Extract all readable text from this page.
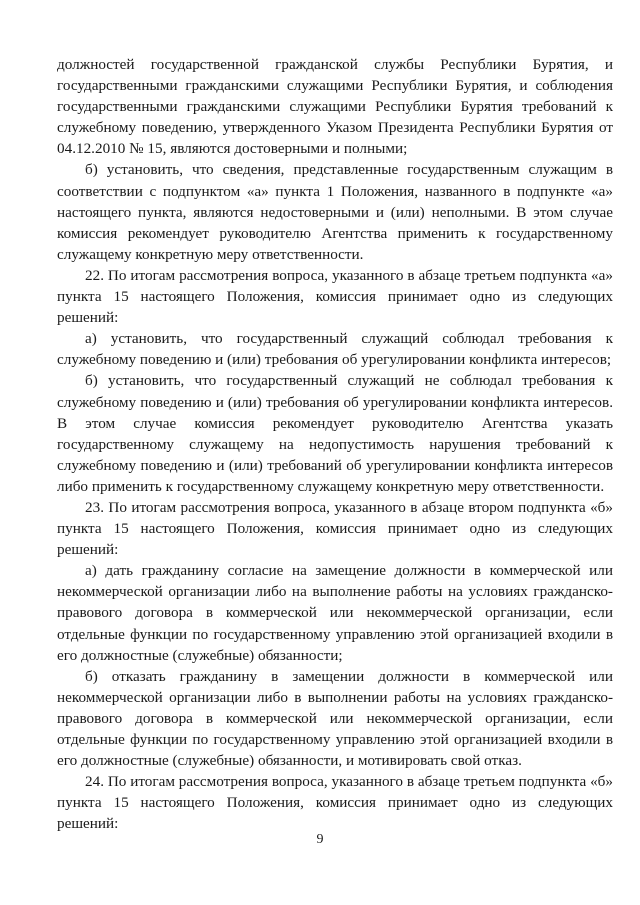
должностей государственной гражданской службы Республики Бурятия, и государственными гражданскими служащими Республики Бурятия, и соблюдения государственными гражданскими служащими Республики Бурятия требований к служебному поведению, утвержденного Указом Президента Республики Бурятия от 04.12.2010 № 15, являются достоверными и полными;

б) установить, что сведения, представленные государственным служащим в соответствии с подпунктом «а» пункта 1 Положения, названного в подпункте «а» настоящего пункта, являются недостоверными и (или) неполными. В этом случае комиссия рекомендует руководителю Агентства применить к государственному служащему конкретную меру ответственности.

22. По итогам рассмотрения вопроса, указанного в абзаце третьем подпункта «а» пункта 15 настоящего Положения, комиссия принимает одно из следующих решений:

а) установить, что государственный служащий соблюдал требования к служебному поведению и (или) требования об урегулировании конфликта интересов;

б) установить, что государственный служащий не соблюдал требования к служебному поведению и (или) требования об урегулировании конфликта интересов. В этом случае комиссия рекомендует руководителю Агентства указать государственному служащему на недопустимость нарушения требований к служебному поведению и (или) требований об урегулировании конфликта интересов либо применить к государственному служащему конкретную меру ответственности.

23. По итогам рассмотрения вопроса, указанного в абзаце втором подпункта «б» пункта 15 настоящего Положения, комиссия принимает одно из следующих решений:

а) дать гражданину согласие на замещение должности в коммерческой или некоммерческой организации либо на выполнение работы на условиях гражданско-правового договора в коммерческой или некоммерческой организации, если отдельные функции по государственному управлению этой организацией входили в его должностные (служебные) обязанности;

б) отказать гражданину в замещении должности в коммерческой или некоммерческой организации либо в выполнении работы на условиях гражданско-правового договора в коммерческой или некоммерческой организации, если отдельные функции по государственному управлению этой организацией входили в его должностные (служебные) обязанности, и мотивировать свой отказ.

24. По итогам рассмотрения вопроса, указанного в абзаце третьем подпункта «б» пункта 15 настоящего Положения, комиссия принимает одно из следующих решений:

9
